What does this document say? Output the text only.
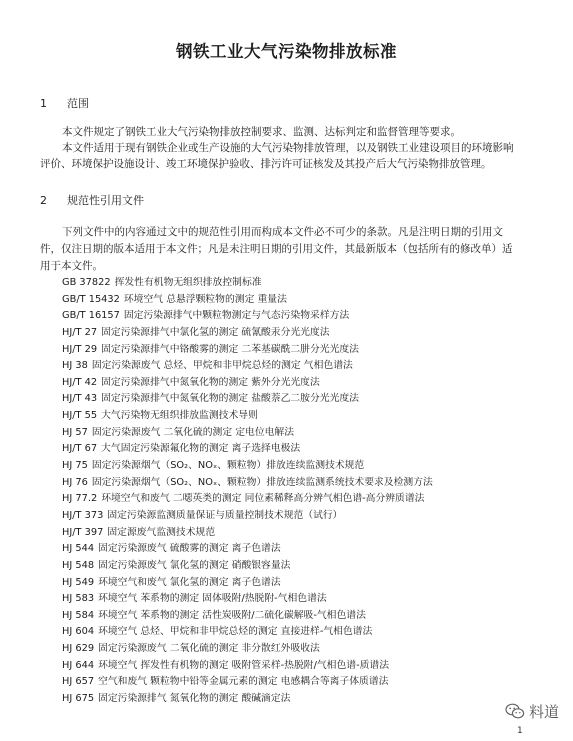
钢铁工业大气污染物排放标准
1 范围
本文件规定了钢铁工业大气污染物排放控制要求、监测、达标判定和监督管理等要求。
本文件适用于现有钢铁企业或生产设施的大气污染物排放管理，以及钢铁工业建设项目的环境影响
评价、环境保护设施设计、竣工环境保护验收、排污许可证核发及其投产后大气污染物排放管理。
2 规范性引用文件
下列文件中的内容通过文中的规范性引用而构成本文件必不可少的条款。凡是注明日期的引用文
件，仅注日期的版本适用于本文件；凡是未注明日期的引用文件，其最新版本（包括所有的修改单）适
用于本文件。
GB 37822 挥发性有机物无组织排放控制标准
GB/T 15432 环境空气 总悬浮颗粒物的测定 重量法
GB/T 16157 固定污染源排气中颗粒物测定与气态污染物采样方法
HJ/T 27 固定污染源排气中氯化氢的测定 硫氰酸汞分光光度法
HJ/T 29 固定污染源排气中铬酸雾的测定 二苯基碳酰二肼分光光度法
HJ 38 固定污染源废气 总烃、甲烷和非甲烷总烃的测定 气相色谱法
HJ/T 42 固定污染源排气中氮氧化物的测定 紫外分光光度法
HJ/T 43 固定污染源排气中氮氧化物的测定 盐酸萘乙二胺分光光度法
HJ/T 55 大气污染物无组织排放监测技术导则
HJ 57 固定污染源废气 二氧化硫的测定 定电位电解法
HJ/T 67 大气固定污染源氟化物的测定 离子选择电极法
HJ 75 固定污染源烟气（SO₂、NOₓ、颗粒物）排放连续监测技术规范
HJ 76 固定污染源烟气（SO₂、NOₓ、颗粒物）排放连续监测系统技术要求及检测方法
HJ 77.2 环境空气和废气 二噁英类的测定 同位素稀释高分辨气相色谱-高分辨质谱法
HJ/T 373 固定污染源监测质量保证与质量控制技术规范（试行）
HJ/T 397 固定源废气监测技术规范
HJ 544 固定污染源废气 硫酸雾的测定 离子色谱法
HJ 548 固定污染源废气 氯化氢的测定 硝酸银容量法
HJ 549 环境空气和废气 氯化氢的测定 离子色谱法
HJ 583 环境空气 苯系物的测定 固体吸附/热脱附-气相色谱法
HJ 584 环境空气 苯系物的测定 活性炭吸附/二硫化碳解吸-气相色谱法
HJ 604 环境空气 总烃、甲烷和非甲烷总烃的测定 直接进样-气相色谱法
HJ 629 固定污染源废气 二氧化硫的测定 非分散红外吸收法
HJ 644 环境空气 挥发性有机物的测定 吸附管采样-热脱附/气相色谱-质谱法
HJ 657 空气和废气 颗粒物中铅等金属元素的测定 电感耦合等离子体质谱法
HJ 675 固定污染源排气 氮氧化物的测定 酸碱滴定法
料道
1
